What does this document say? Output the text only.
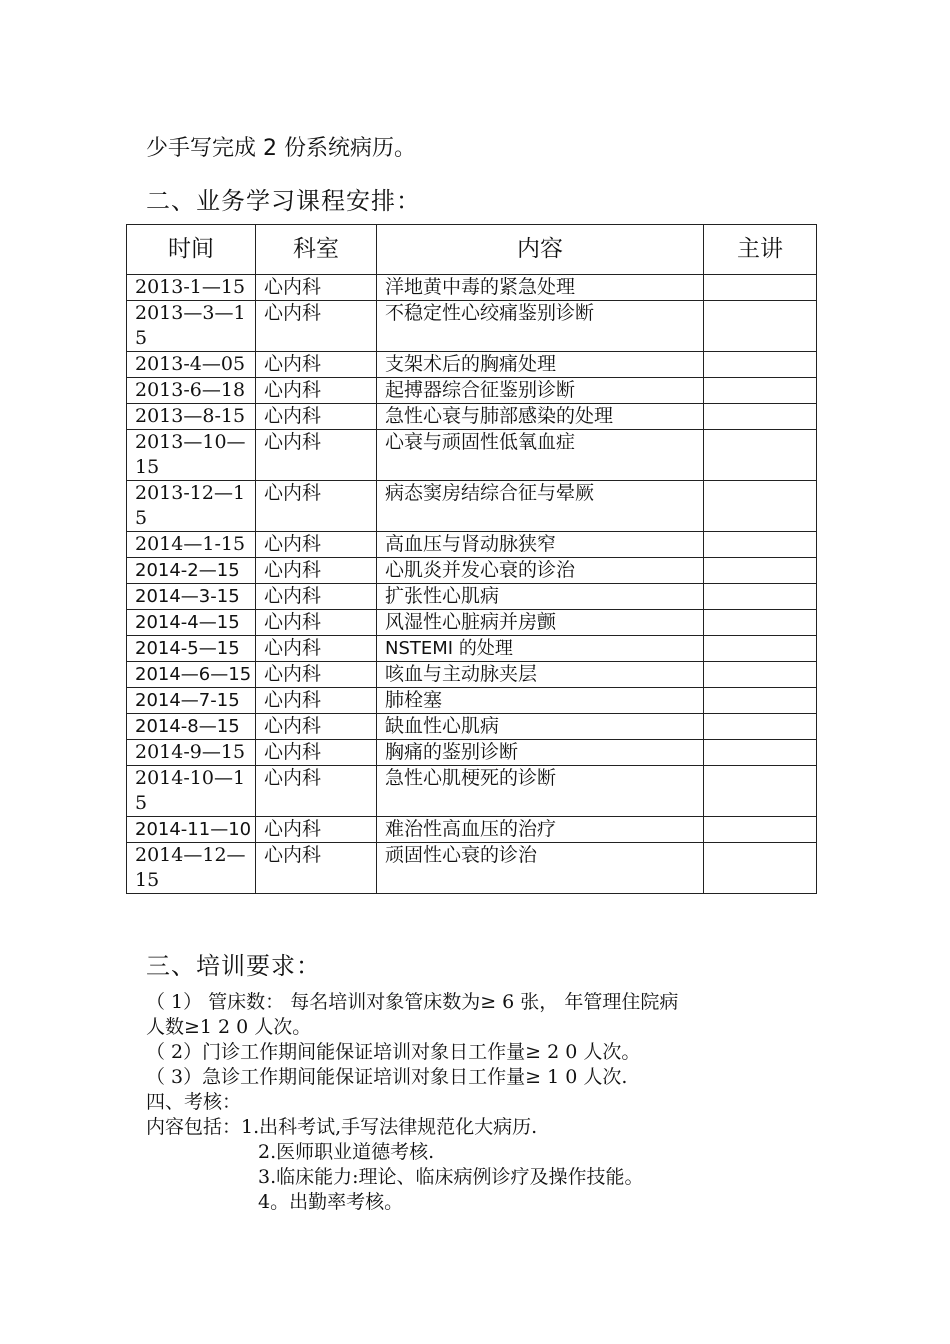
少手写完成 2 份系统病历。
二、业务学习课程安排：
时间	科室	内容	主讲
2013-1—15	心内科	洋地黄中毒的紧急处理	
2013—3—15	心内科	不稳定性心绞痛鉴别诊断	
2013-4—05	心内科	支架术后的胸痛处理	
2013-6—18	心内科	起搏器综合征鉴别诊断	
2013—8-15	心内科	急性心衰与肺部感染的处理	
2013—10—15	心内科	心衰与顽固性低氧血症	
2013-12—15	心内科	病态窦房结综合征与晕厥	
2014—1-15	心内科	高血压与肾动脉狭窄	
2014-2—15	心内科	心肌炎并发心衰的诊治	
2014—3-15	心内科	扩张性心肌病	
2014-4—15	心内科	风湿性心脏病并房颤	
2014-5—15	心内科	NSTEMI 的处理	
2014—6—15	心内科	咳血与主动脉夹层	
2014—7-15	心内科	肺栓塞	
2014-8—15	心内科	缺血性心肌病	
2014-9—15	心内科	胸痛的鉴别诊断	
2014-10—15	心内科	急性心肌梗死的诊断	
2014-11—10	心内科	难治性高血压的治疗	
2014—12—15	心内科	顽固性心衰的诊治	
三、培训要求：
（ 1） 管床数： 每名培训对象管床数为≥ 6 张， 年管理住院病
人数≥1 2 0 人次。
（ 2）门诊工作期间能保证培训对象日工作量≥ 2 0 人次。
（ 3）急诊工作期间能保证培训对象日工作量≥ 1 0 人次.
四、考核：
内容包括：1.出科考试,手写法律规范化大病历.
2.医师职业道德考核.
3.临床能力:理论、临床病例诊疗及操作技能。
4。出勤率考核。
